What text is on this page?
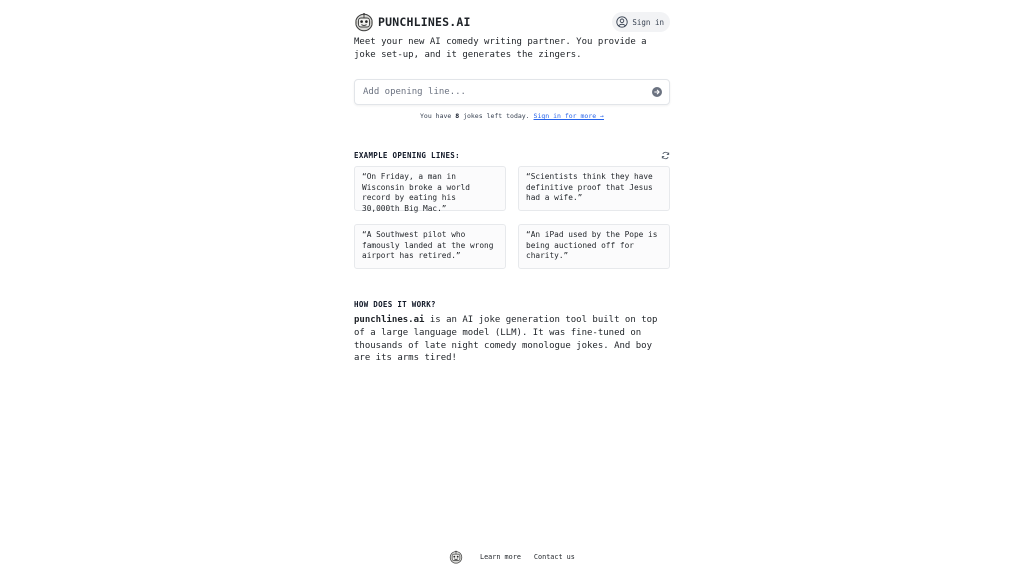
PUNCHLINES.AI	Sign in
Meet your new AI comedy writing partner. You provide a joke set-up, and it generates the zingers.
Add opening line...
You have 8 jokes left today. Sign in for more →
EXAMPLE OPENING LINES:
“On Friday, a man in Wisconsin broke a world record by eating his 30,000th Big Mac.”
“Scientists think they have definitive proof that Jesus had a wife.”
“A Southwest pilot who famously landed at the wrong airport has retired.”
“An iPad used by the Pope is being auctioned off for charity.”
HOW DOES IT WORK?
punchlines.ai is an AI joke generation tool built on top of a large language model (LLM). It was fine-tuned on thousands of late night comedy monologue jokes. And boy are its arms tired!
Learn more Contact us
